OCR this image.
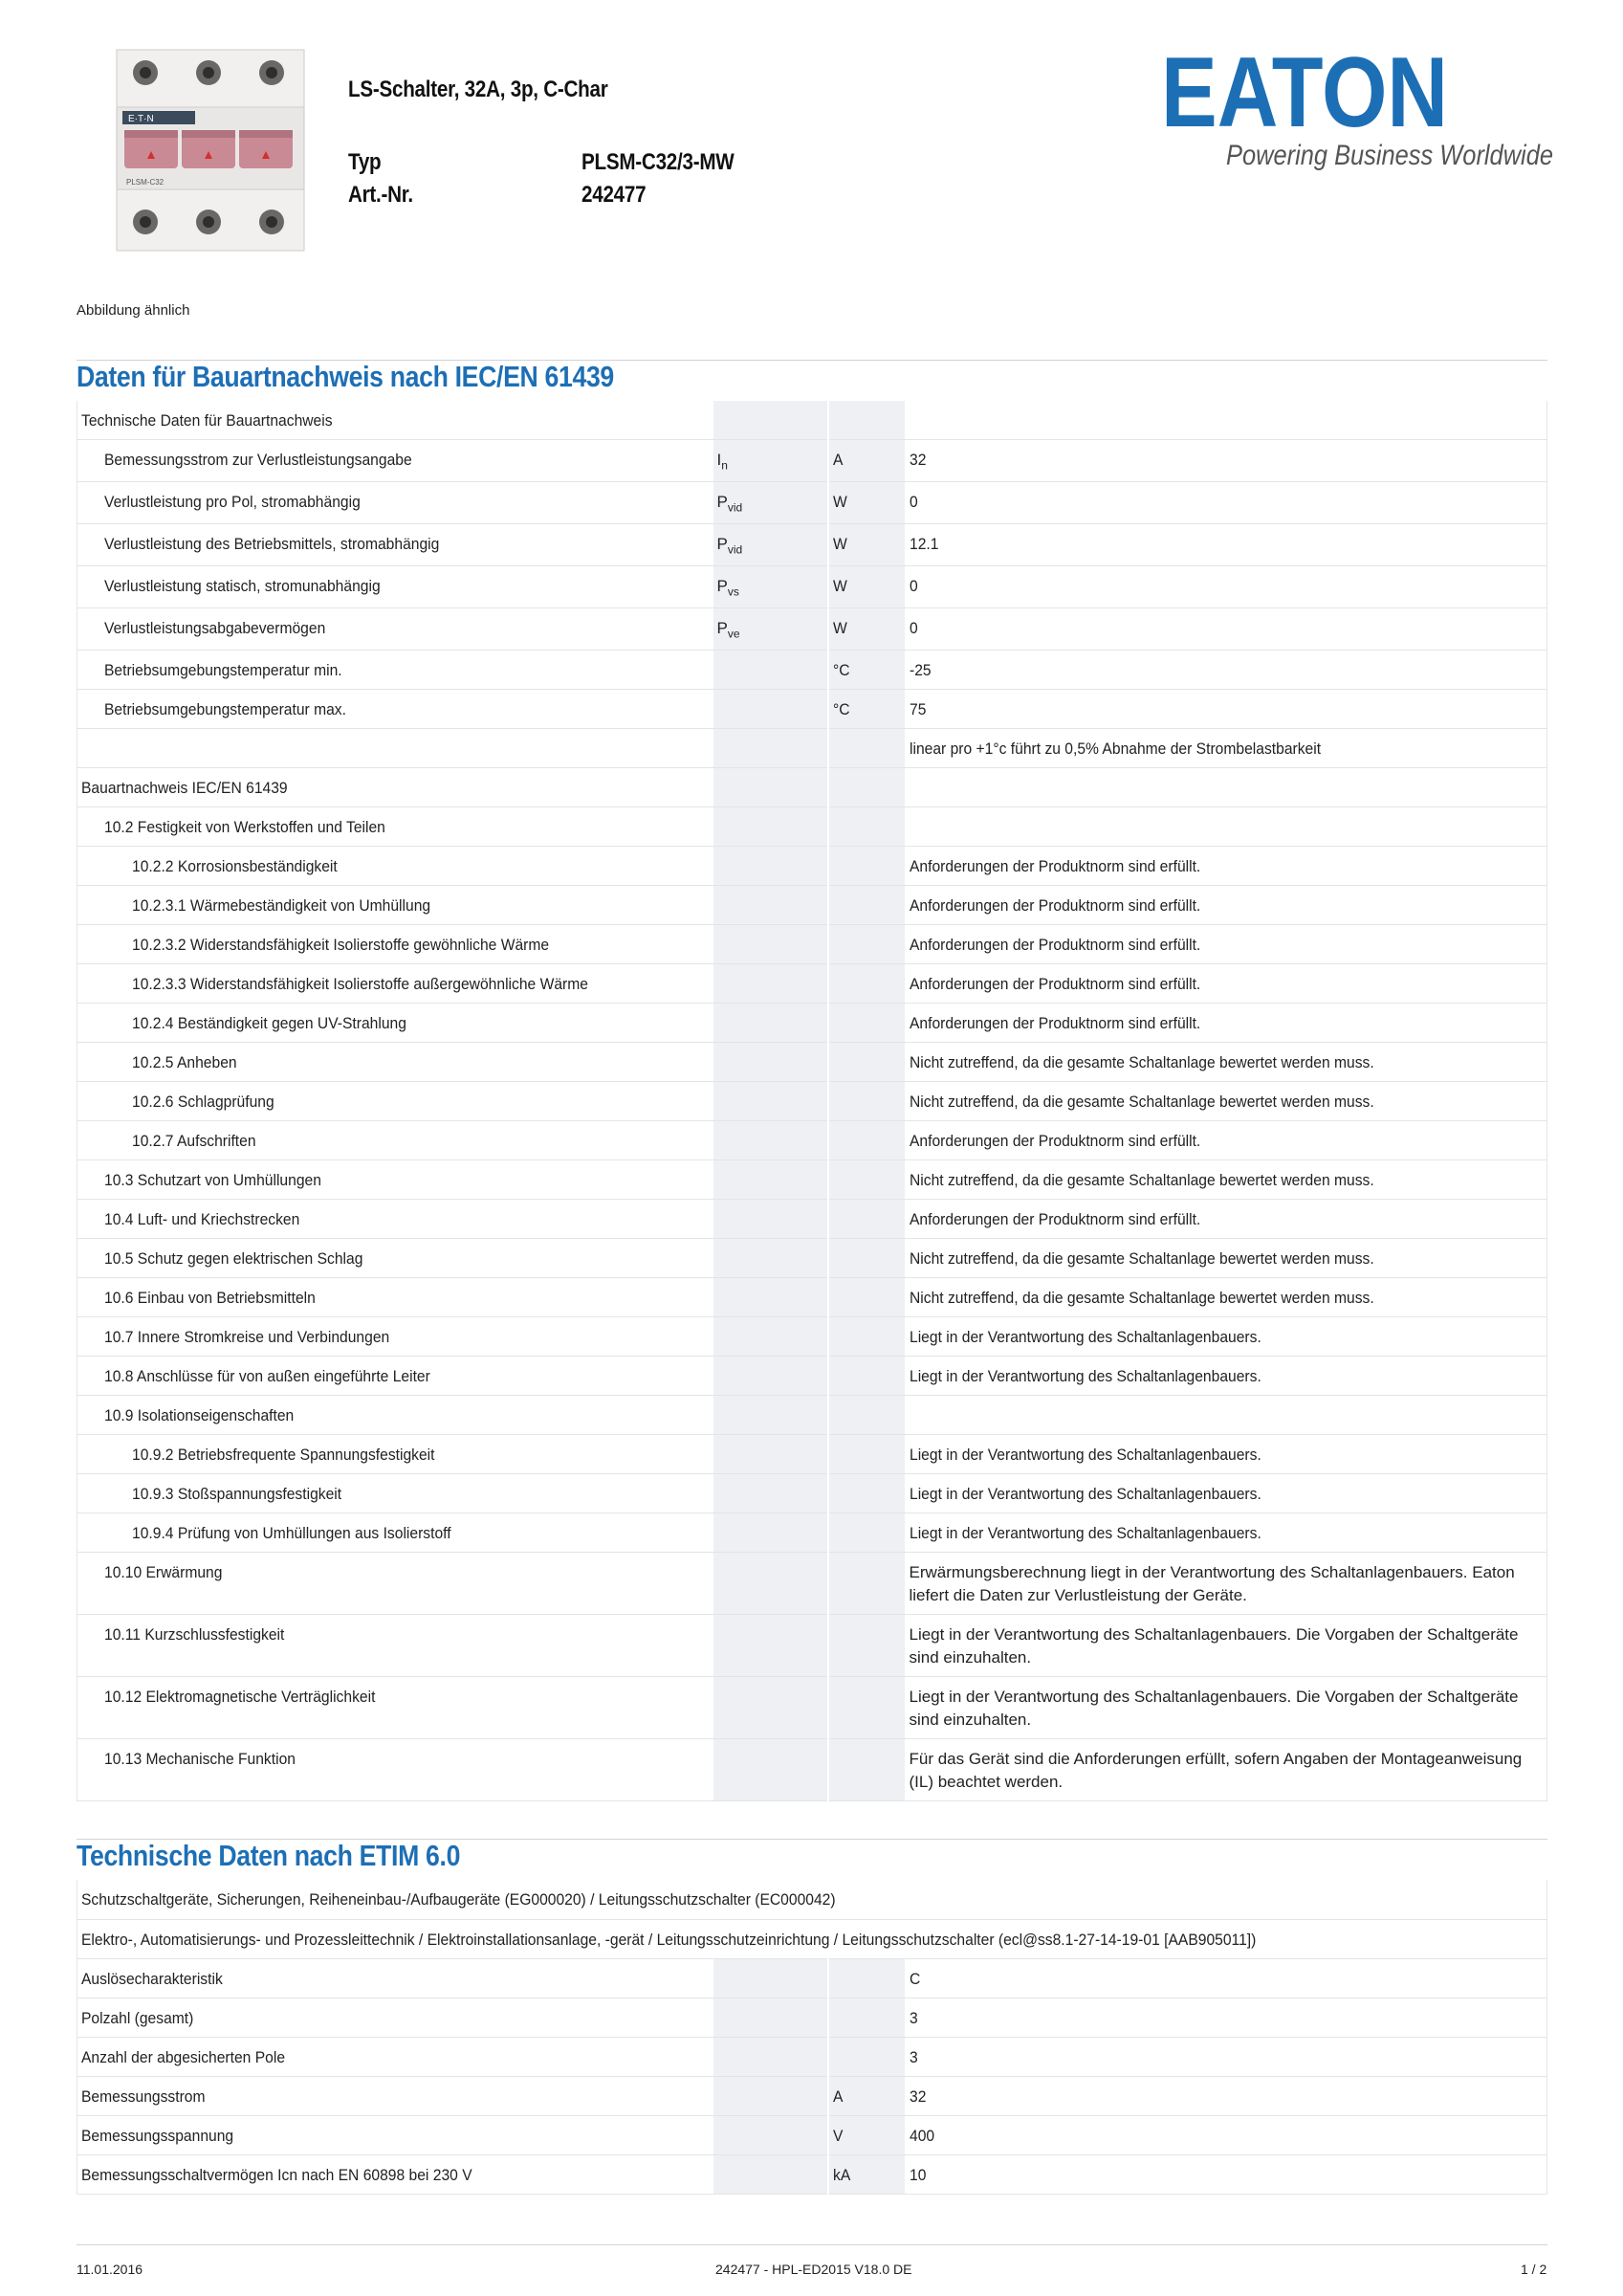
E·T·N
PLSM-C32
LS-Schalter, 32A, 3p, C-Char
Typ	PLSM-C32/3-MW
Art.-Nr.	242477
EATON
Powering Business Worldwide
Abbildung ähnlich
Daten für Bauartnachweis nach IEC/EN 61439
Technische Daten für Bauartnachweis			
Bemessungsstrom zur Verlustleistungsangabe	$I_n$	A	32
Verlustleistung pro Pol, stromabhängig	$P_{vid}$	W	0
Verlustleistung des Betriebsmittels, stromabhängig	$P_{vid}$	W	12.1
Verlustleistung statisch, stromunabhängig	$P_{vs}$	W	0
Verlustleistungsabgabevermögen	$P_{ve}$	W	0
Betriebsumgebungstemperatur min.		°C	-25
Betriebsumgebungstemperatur max.		°C	75
			linear pro +1°c führt zu 0,5% Abnahme der Strombelastbarkeit
Bauartnachweis IEC/EN 61439			
10.2 Festigkeit von Werkstoffen und Teilen			
10.2.2 Korrosionsbeständigkeit			Anforderungen der Produktnorm sind erfüllt.
10.2.3.1 Wärmebeständigkeit von Umhüllung			Anforderungen der Produktnorm sind erfüllt.
10.2.3.2 Widerstandsfähigkeit Isolierstoffe gewöhnliche Wärme			Anforderungen der Produktnorm sind erfüllt.
10.2.3.3 Widerstandsfähigkeit Isolierstoffe außergewöhnliche Wärme			Anforderungen der Produktnorm sind erfüllt.
10.2.4 Beständigkeit gegen UV-Strahlung			Anforderungen der Produktnorm sind erfüllt.
10.2.5 Anheben			Nicht zutreffend, da die gesamte Schaltanlage bewertet werden muss.
10.2.6 Schlagprüfung			Nicht zutreffend, da die gesamte Schaltanlage bewertet werden muss.
10.2.7 Aufschriften			Anforderungen der Produktnorm sind erfüllt.
10.3 Schutzart von Umhüllungen			Nicht zutreffend, da die gesamte Schaltanlage bewertet werden muss.
10.4 Luft- und Kriechstrecken			Anforderungen der Produktnorm sind erfüllt.
10.5 Schutz gegen elektrischen Schlag			Nicht zutreffend, da die gesamte Schaltanlage bewertet werden muss.
10.6 Einbau von Betriebsmitteln			Nicht zutreffend, da die gesamte Schaltanlage bewertet werden muss.
10.7 Innere Stromkreise und Verbindungen			Liegt in der Verantwortung des Schaltanlagenbauers.
10.8 Anschlüsse für von außen eingeführte Leiter			Liegt in der Verantwortung des Schaltanlagenbauers.
10.9 Isolationseigenschaften			
10.9.2 Betriebsfrequente Spannungsfestigkeit			Liegt in der Verantwortung des Schaltanlagenbauers.
10.9.3 Stoßspannungsfestigkeit			Liegt in der Verantwortung des Schaltanlagenbauers.
10.9.4 Prüfung von Umhüllungen aus Isolierstoff			Liegt in der Verantwortung des Schaltanlagenbauers.
10.10 Erwärmung			Erwärmungsberechnung liegt in der Verantwortung des Schaltanlagenbauers. Eaton liefert die Daten zur Verlustleistung der Geräte.

10.11 Kurzschlussfestigkeit			Liegt in der Verantwortung des Schaltanlagenbauers. Die Vorgaben der Schaltgeräte sind einzuhalten.

10.12 Elektromagnetische Verträglichkeit			Liegt in der Verantwortung des Schaltanlagenbauers. Die Vorgaben der Schaltgeräte sind einzuhalten.

10.13 Mechanische Funktion			Für das Gerät sind die Anforderungen erfüllt, sofern Angaben der Montageanweisung (IL) beachtet werden.
Technische Daten nach ETIM 6.0
Schutzschaltgeräte, Sicherungen, Reiheneinbau-/Aufbaugeräte (EG000020) / Leitungsschutzschalter (EC000042)			
Elektro-, Automatisierungs- und Prozessleittechnik / Elektroinstallationsanlage, -gerät / Leitungsschutzeinrichtung / Leitungsschutzschalter (ecl@ss8.1-27-14-19-01 [AAB905011])			
Auslösecharakteristik			C
Polzahl (gesamt)			3
Anzahl der abgesicherten Pole			3
Bemessungsstrom		A	32
Bemessungsspannung		V	400
Bemessungsschaltvermögen Icn nach EN 60898 bei 230 V		kA	10
11.01.2016	242477 - HPL-ED2015 V18.0 DE	1 / 2
